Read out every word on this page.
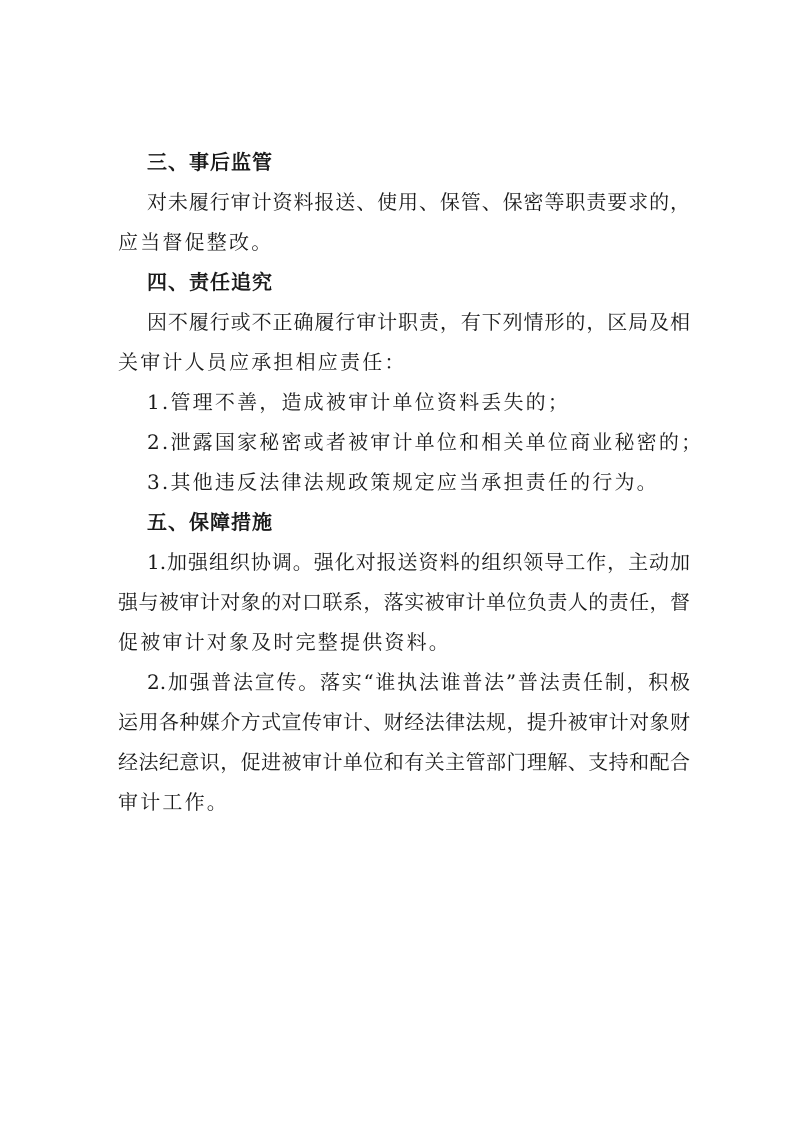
三、事后监管
对未履行审计资料报送、使用、保管、保密等职责要求的，
应当督促整改。
四、责任追究
因不履行或不正确履行审计职责，有下列情形的，区局及相
关审计人员应承担相应责任：
1.管理不善，造成被审计单位资料丢失的；
2.泄露国家秘密或者被审计单位和相关单位商业秘密的；
3.其他违反法律法规政策规定应当承担责任的行为。
五、保障措施
1.加强组织协调。强化对报送资料的组织领导工作，主动加
强与被审计对象的对口联系，落实被审计单位负责人的责任，督
促被审计对象及时完整提供资料。
2.加强普法宣传。落实“谁执法谁普法”普法责任制，积极
运用各种媒介方式宣传审计、财经法律法规，提升被审计对象财
经法纪意识，促进被审计单位和有关主管部门理解、支持和配合
审计工作。
